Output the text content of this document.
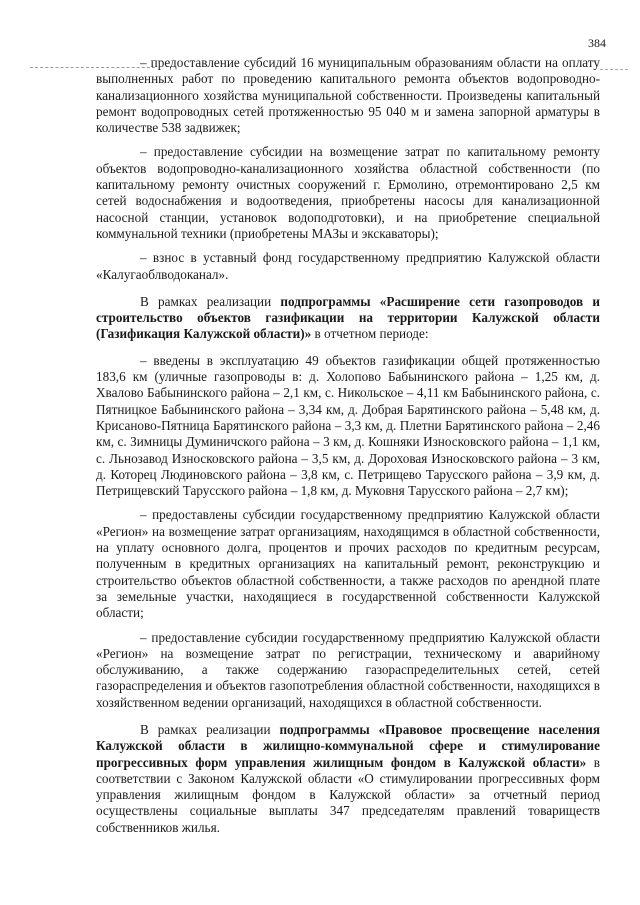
384

– предоставление субсидий 16 муниципальным образованиям области на оплату выполненных работ по проведению капитального ремонта объектов водопроводно-канализационного хозяйства муниципальной собственности. Произведены капитальный ремонт водопроводных сетей протяженностью 95 040 м и замена запорной арматуры в количестве 538 задвижек;

– предоставление субсидии на возмещение затрат по капитальному ремонту объектов водопроводно-канализационного хозяйства областной собственности (по капитальному ремонту очистных сооружений г. Ермолино, отремонтировано 2,5 км сетей водоснабжения и водоотведения, приобретены насосы для канализационной насосной станции, установок водоподготовки), и на приобретение специальной коммунальной техники (приобретены МАЗы и экскаваторы);

– взнос в уставный фонд государственному предприятию Калужской области «Калугаоблводоканал».

В рамках реализации подпрограммы «Расширение сети газопроводов и строительство объектов газификации на территории Калужской области (Газификация Калужской области)» в отчетном периоде:

– введены в эксплуатацию 49 объектов газификации общей протяженностью 183,6 км (уличные газопроводы в: д. Холопово Бабынинского района – 1,25 км, д. Хвалово Бабынинского района – 2,1 км, с. Никольское – 4,11 км Бабынинского района, с. Пятницкое Бабынинского района – 3,34 км, д. Добрая Барятинского района – 5,48 км, д. Крисаново-Пятница Барятинского района – 3,3 км, д. Плетни Барятинского района – 2,46 км, с. Зимницы Думиничского района – 3 км, д. Кошняки Износковского района – 1,1 км, с. Льнозавод Износковского района – 3,5 км, д. Дороховая Износковского района – 3 км, д. Которец Людиновского района – 3,8 км, с. Петрищево Тарусского района – 3,9 км, д. Петрищевский Тарусского района – 1,8 км, д. Муковня Тарусского района – 2,7 км);

– предоставлены субсидии государственному предприятию Калужской области «Регион» на возмещение затрат организациям, находящимся в областной собственности, на уплату основного долга, процентов и прочих расходов по кредитным ресурсам, полученным в кредитных организациях на капитальный ремонт, реконструкцию и строительство объектов областной собственности, а также расходов по арендной плате за земельные участки, находящиеся в государственной собственности Калужской области;

– предоставление субсидии государственному предприятию Калужской области «Регион» на возмещение затрат по регистрации, техническому и аварийному обслуживанию, а также содержанию газораспределительных сетей, сетей газораспределения и объектов газопотребления областной собственности, находящихся в хозяйственном ведении организаций, находящихся в областной собственности.

В рамках реализации подпрограммы «Правовое просвещение населения Калужской области в жилищно-коммунальной сфере и стимулирование прогрессивных форм управления жилищным фондом в Калужской области» в соответствии с Законом Калужской области «О стимулировании прогрессивных форм управления жилищным фондом в Калужской области» за отчетный период осуществлены социальные выплаты 347 председателям правлений товариществ собственников жилья.
